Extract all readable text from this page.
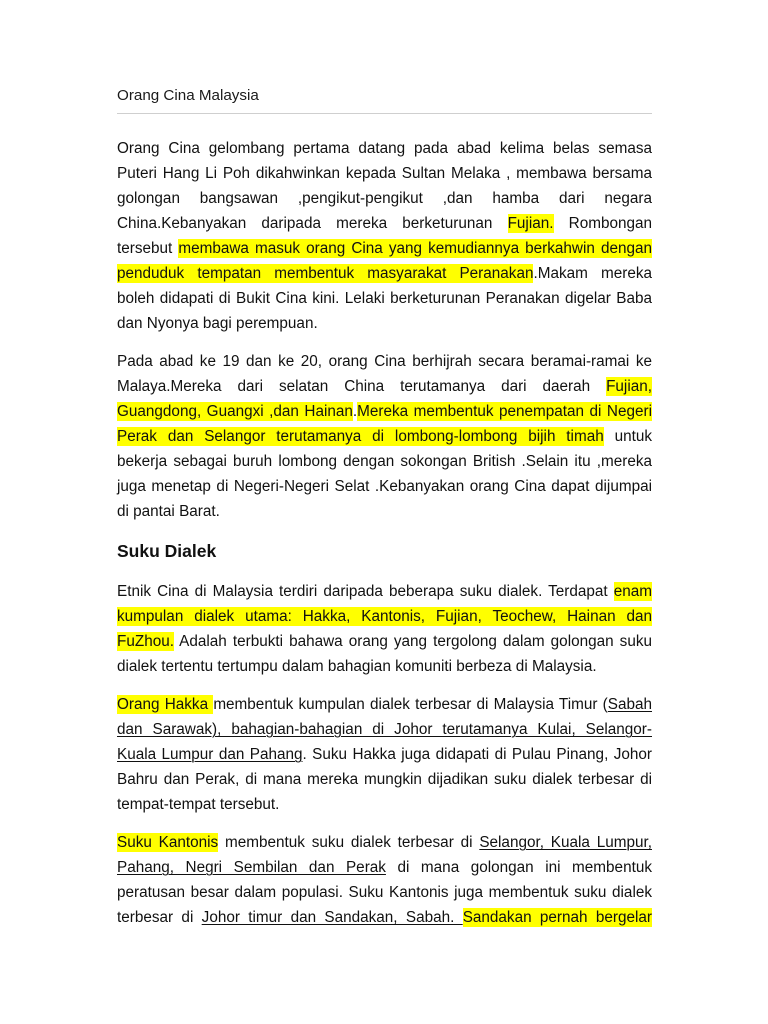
Orang Cina Malaysia
Orang Cina gelombang pertama datang pada abad kelima belas semasa
Puteri Hang Li Poh dikahwinkan kepada Sultan Melaka , membawa bersama
golongan bangsawan ,pengikut-pengikut ,dan hamba dari negara
China.Kebanyakan daripada mereka berketurunan Fujian. Rombongan
tersebut membawa masuk orang Cina yang kemudiannya berkahwin dengan
penduduk tempatan membentuk masyarakat Peranakan.Makam mereka
boleh didapati di Bukit Cina kini. Lelaki berketurunan Peranakan digelar Baba
dan Nyonya bagi perempuan.
Pada abad ke 19 dan ke 20, orang Cina berhijrah secara beramai-ramai ke
Malaya.Mereka dari selatan China terutamanya dari daerah Fujian,
Guangdong, Guangxi ,dan Hainan.Mereka membentuk penempatan di Negeri
Perak dan Selangor terutamanya di lombong-lombong bijih timah untuk
bekerja sebagai buruh lombong dengan sokongan British .Selain itu ,mereka
juga menetap di Negeri-Negeri Selat .Kebanyakan orang Cina dapat dijumpai
di pantai Barat.
Suku Dialek
Etnik Cina di Malaysia terdiri daripada beberapa suku dialek. Terdapat enam
kumpulan dialek utama: Hakka, Kantonis, Fujian, Teochew, Hainan dan
FuZhou. Adalah terbukti bahawa orang yang tergolong dalam golongan suku
dialek tertentu tertumpu dalam bahagian komuniti berbeza di Malaysia.
Orang Hakka membentuk kumpulan dialek terbesar di Malaysia Timur (Sabah
dan Sarawak), bahagian-bahagian di Johor terutamanya Kulai, Selangor-
Kuala Lumpur dan Pahang. Suku Hakka juga didapati di Pulau Pinang, Johor
Bahru dan Perak, di mana mereka mungkin dijadikan suku dialek terbesar di
tempat-tempat tersebut.
Suku Kantonis membentuk suku dialek terbesar di Selangor, Kuala Lumpur,
Pahang, Negri Sembilan dan Perak di mana golongan ini membentuk
peratusan besar dalam populasi. Suku Kantonis juga membentuk suku dialek
terbesar di Johor timur dan Sandakan, Sabah. Sandakan pernah bergelar
